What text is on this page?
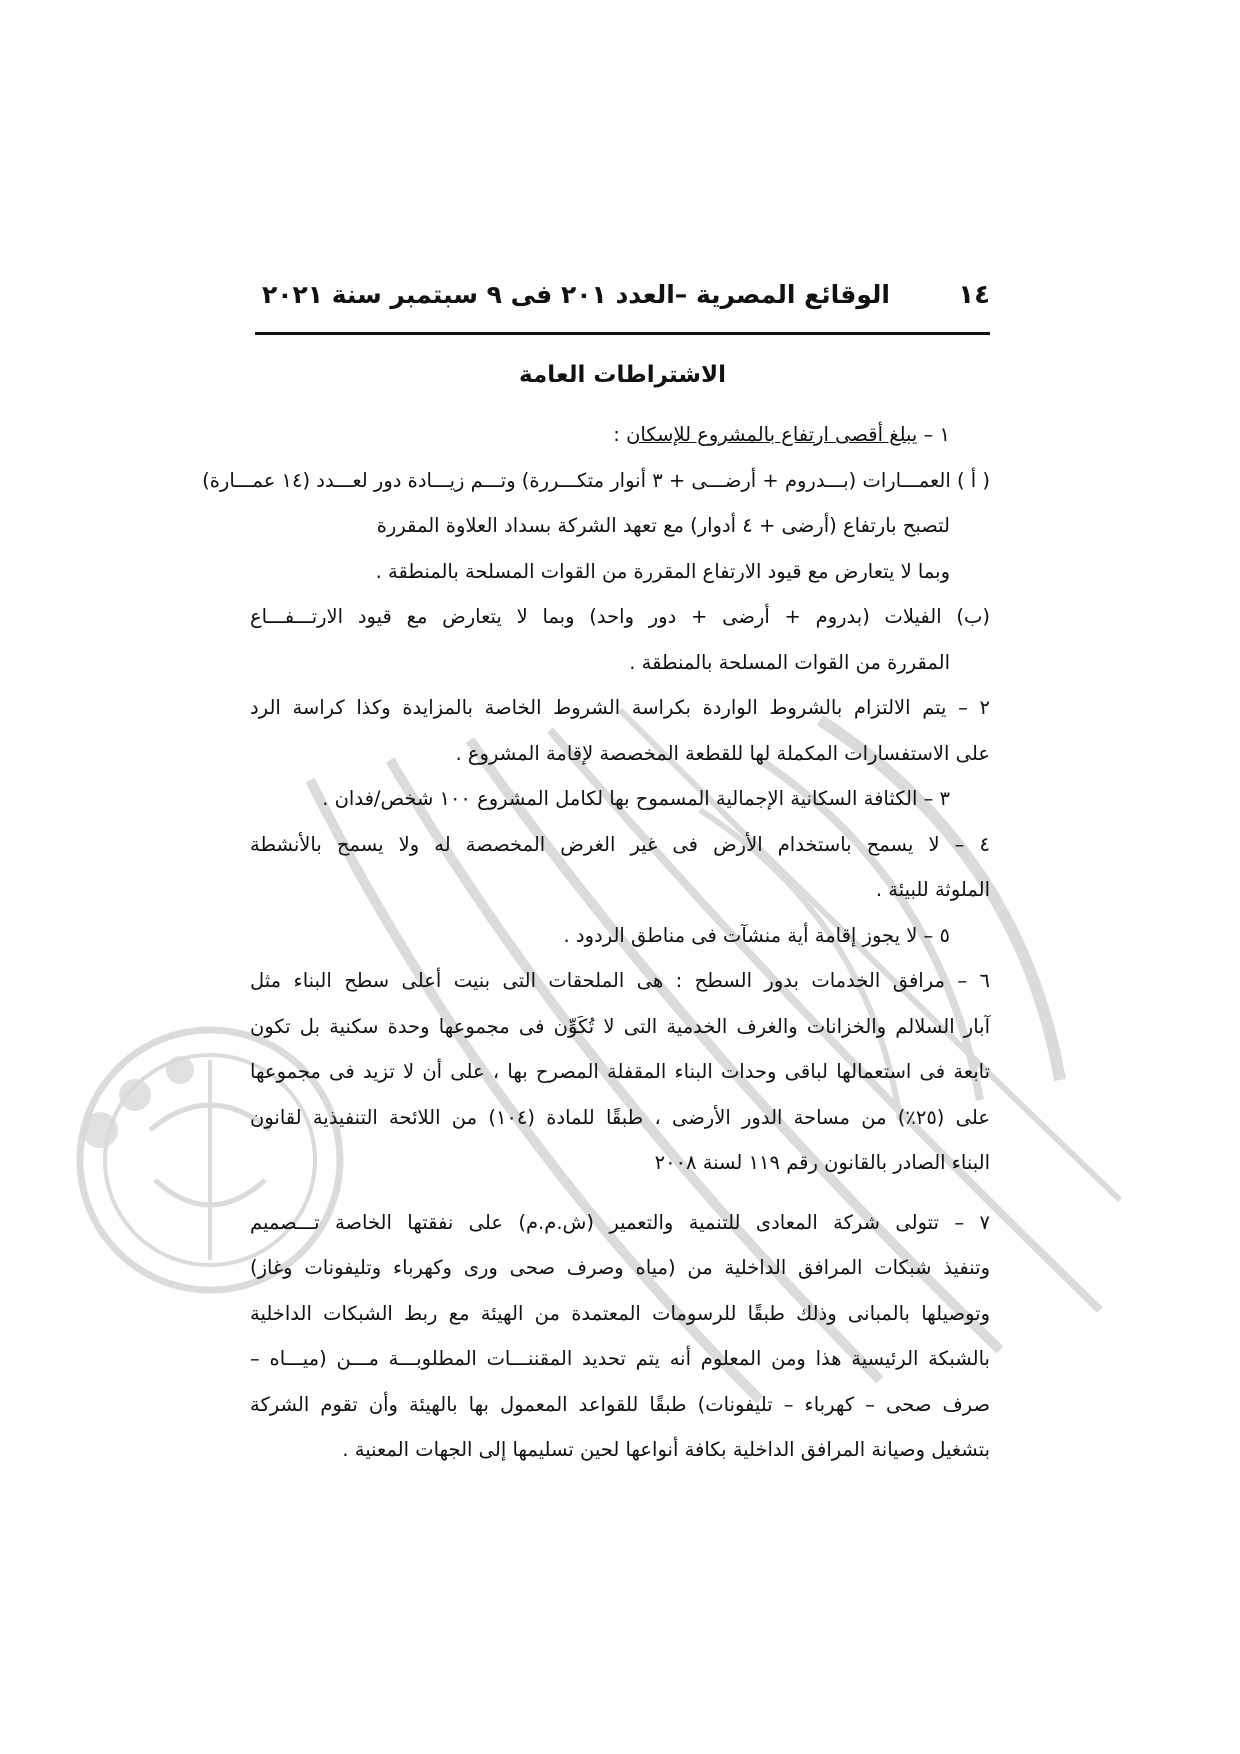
١٤
الوقائع المصرية –العدد ٢٠١ فى ٩ سبتمبر سنة ٢٠٢١
الاشتراطات العامة
١ – يبلغ أقصى ارتفاع بالمشروع للإسكان :
( أ ) العمـــارات (بـــدروم + أرضـــى + ٣ أنوار متكـــررة) وتـــم زيـــادة دور لعـــدد (١٤ عمـــارة)
لتصبح بارتفاع (أرضى + ٤ أدوار) مع تعهد الشركة بسداد العلاوة المقررة
وبما لا يتعارض مع قيود الارتفاع المقررة من القوات المسلحة بالمنطقة .
(ب) الفيلات (بدروم + أرضى + دور واحد) وبما لا يتعارض مع قيود الارتـــفـــاع
المقررة من القوات المسلحة بالمنطقة .
٢ – يتم الالتزام بالشروط الواردة بكراسة الشروط الخاصة بالمزايدة وكذا كراسة الرد
على الاستفسارات المكملة لها للقطعة المخصصة لإقامة المشروع .
٣ – الكثافة السكانية الإجمالية المسموح بها لكامل المشروع ١٠٠ شخص/فدان .
٤ – لا يسمح باستخدام الأرض فى غير الغرض المخصصة له ولا يسمح بالأنشطة
الملوثة للبيئة .
٥ – لا يجوز إقامة أية منشآت فى مناطق الردود .
٦ – مرافق الخدمات بدور السطح : هى الملحقات التى بنيت أعلى سطح البناء مثل
آبار السلالم والخزانات والغرف الخدمية التى لا تُكَوِّن فى مجموعها وحدة سكنية بل تكون
تابعة فى استعمالها لباقى وحدات البناء المقفلة المصرح بها ، على أن لا تزيد فى مجموعها
على (٢٥٪) من مساحة الدور الأرضى ، طبقًا للمادة (١٠٤) من اللائحة التنفيذية لقانون
البناء الصادر بالقانون رقم ١١٩ لسنة ٢٠٠٨
٧ – تتولى شركة المعادى للتنمية والتعمير (ش.م.م) على نفقتها الخاصة تـــصميم
وتنفيذ شبكات المرافق الداخلية من (مياه وصرف صحى ورى وكهرباء وتليفونات وغاز)
وتوصيلها بالمبانى وذلك طبقًا للرسومات المعتمدة من الهيئة مع ربط الشبكات الداخلية
بالشبكة الرئيسية هذا ومن المعلوم أنه يتم تحديد المقننـــات المطلوبـــة مـــن (ميـــاه –
صرف صحى – كهرباء – تليفونات) طبقًا للقواعد المعمول بها بالهيئة وأن تقوم الشركة
بتشغيل وصيانة المرافق الداخلية بكافة أنواعها لحين تسليمها إلى الجهات المعنية .
